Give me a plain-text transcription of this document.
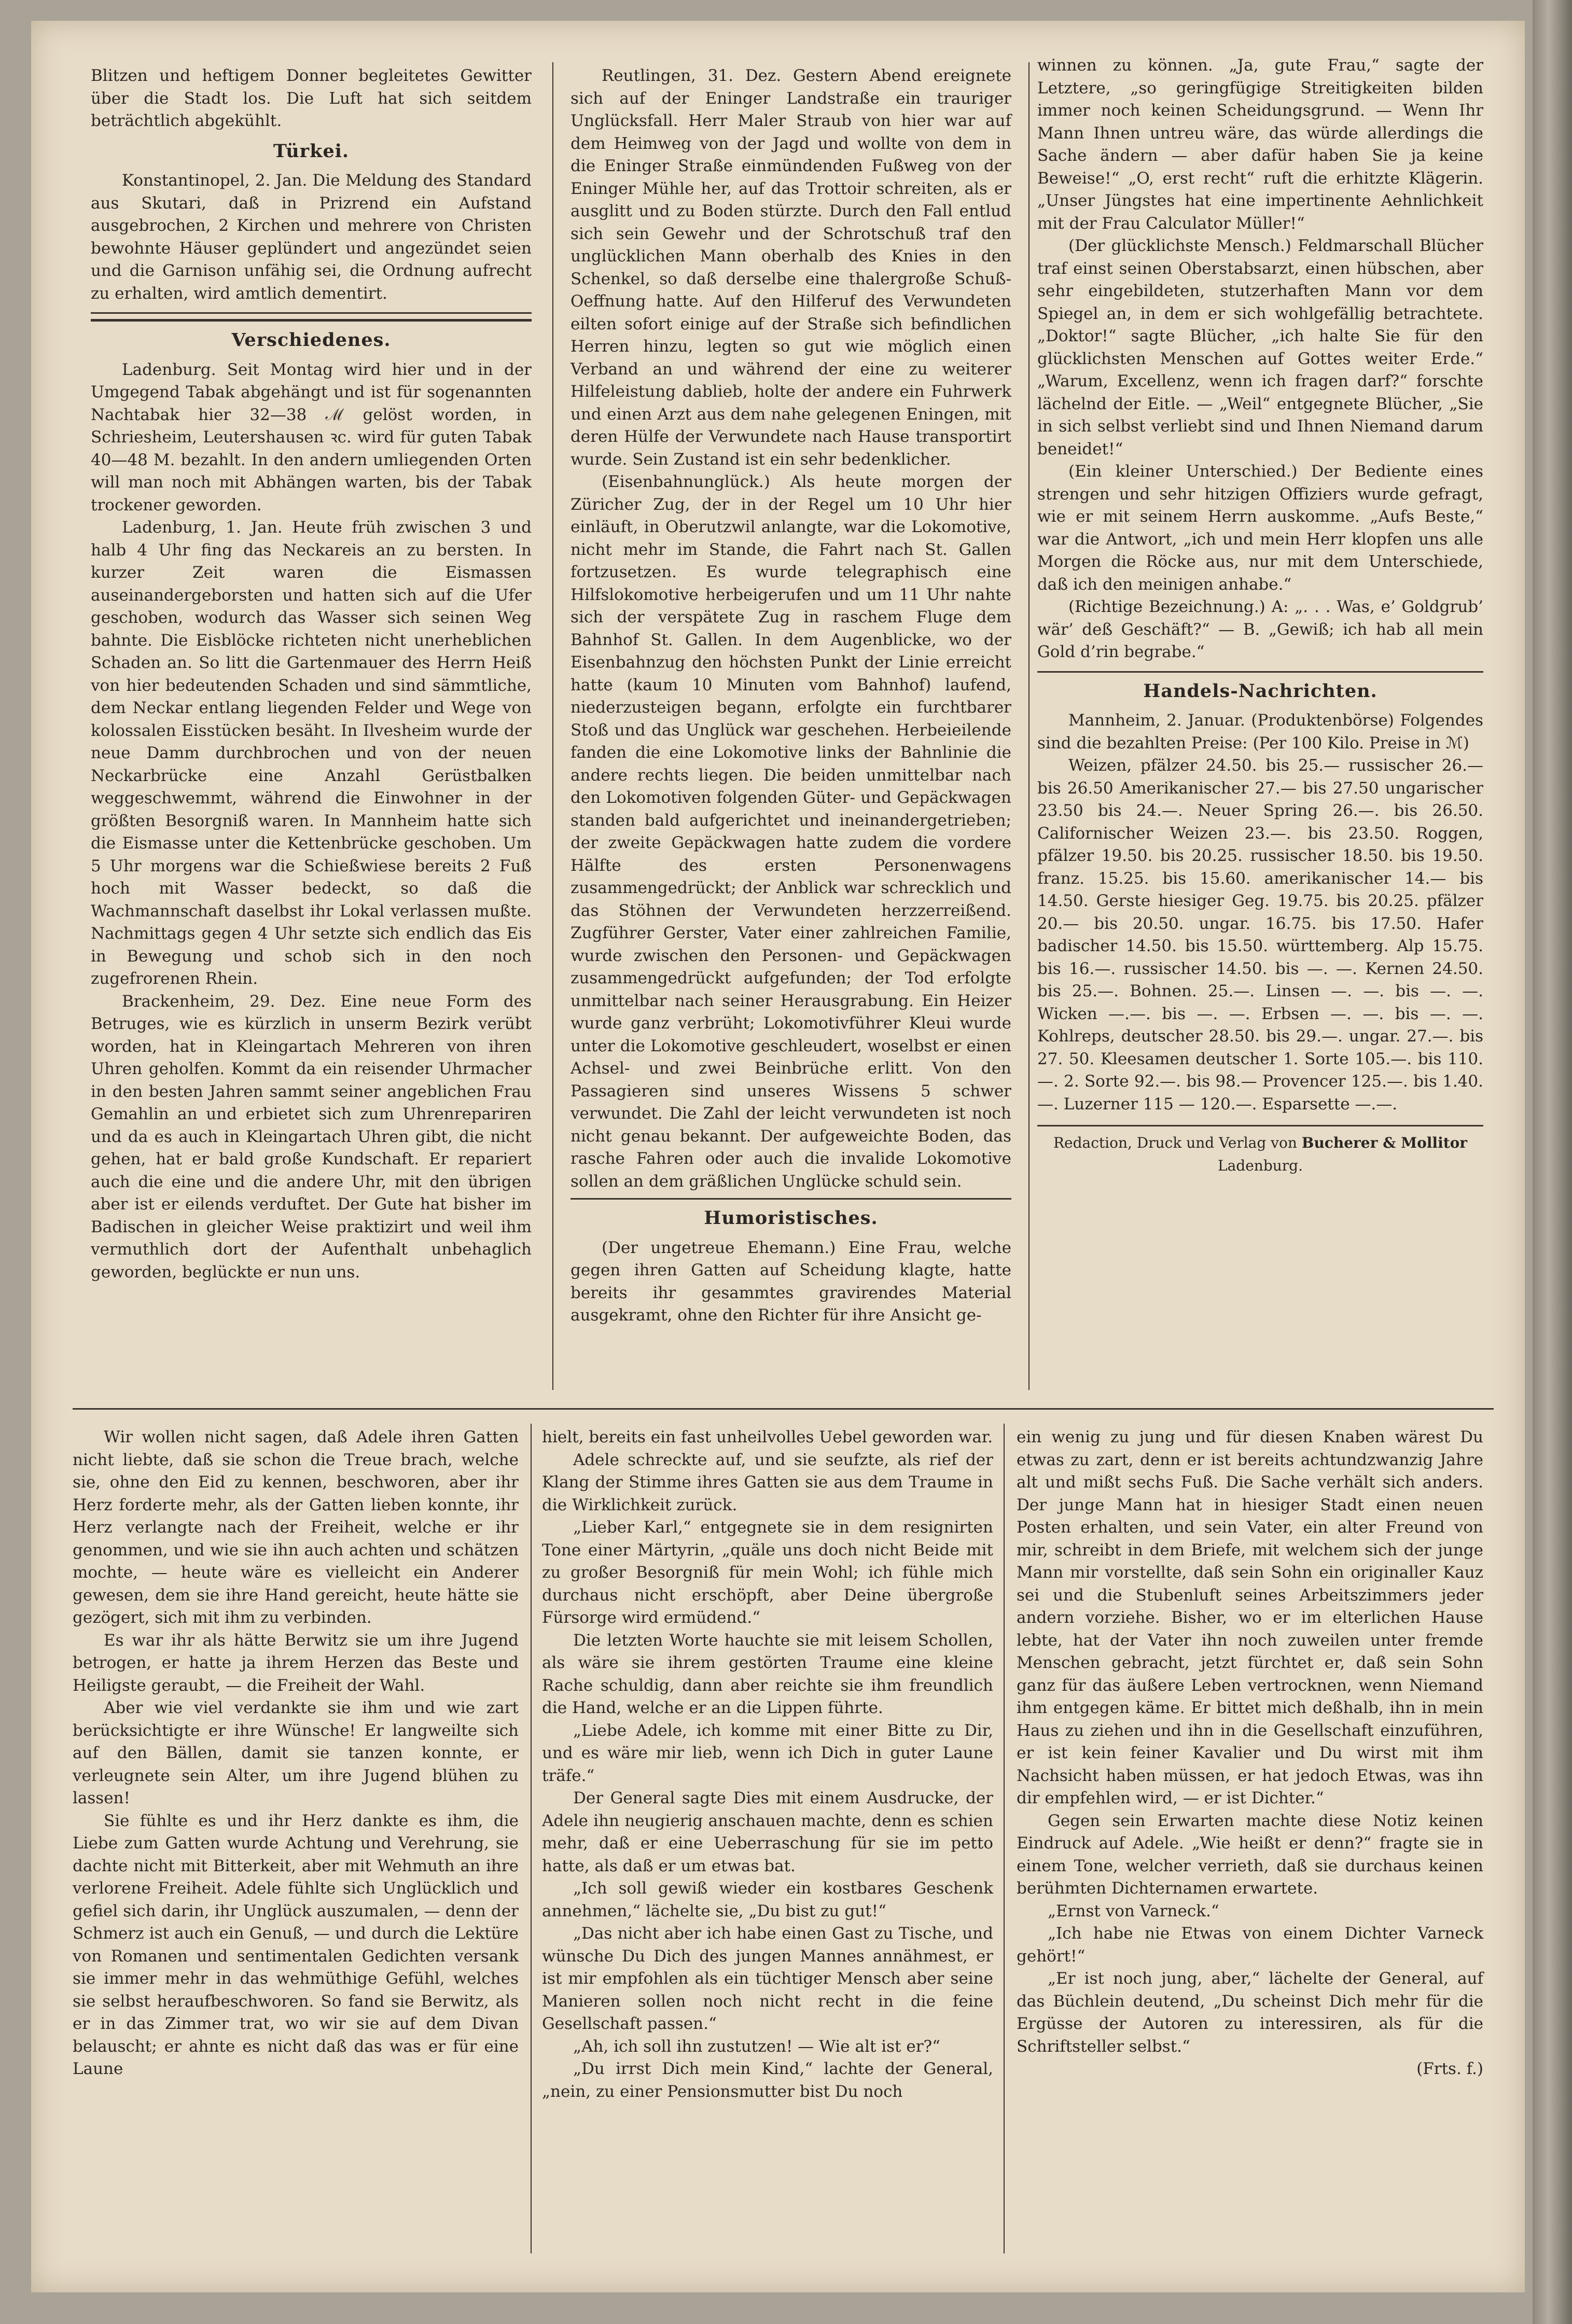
Blitzen und heftigem Donner begleitetes Gewitter über die Stadt los. Die Luft hat sich seitdem beträchtlich abgekühlt.

Türkei.

Konstantinopel, 2. Jan. Die Meldung des Standard aus Skutari, daß in Prizrend ein Aufstand ausgebrochen, 2 Kirchen und mehrere von Christen bewohnte Häuser geplündert und angezündet seien und die Garnison unfähig sei, die Ordnung aufrecht zu erhalten, wird amtlich dementirt.

Verschiedenes.

Ladenburg. Seit Montag wird hier und in der Umgegend Tabak abgehängt und ist für sogenannten Nachtabak hier 32—38 ℳ gelöst worden, in Schriesheim, Leutershausen ꝛc. wird für guten Tabak 40—48 M. bezahlt. In den andern umliegenden Orten will man noch mit Abhängen warten, bis der Tabak trockener geworden.

Ladenburg, 1. Jan. Heute früh zwischen 3 und halb 4 Uhr fing das Neckareis an zu bersten. In kurzer Zeit waren die Eismassen auseinandergeborsten und hatten sich auf die Ufer geschoben, wodurch das Wasser sich seinen Weg bahnte. Die Eisblöcke richteten nicht unerheblichen Schaden an. So litt die Gartenmauer des Herrn Heiß von hier bedeutenden Schaden und sind sämmtliche, dem Neckar entlang liegenden Felder und Wege von kolossalen Eisstücken besäht. In Ilvesheim wurde der neue Damm durchbrochen und von der neuen Neckarbrücke eine Anzahl Gerüstbalken weggeschwemmt, während die Einwohner in der größten Besorgniß waren. In Mannheim hatte sich die Eismasse unter die Kettenbrücke geschoben. Um 5 Uhr morgens war die Schießwiese bereits 2 Fuß hoch mit Wasser bedeckt, so daß die Wachmannschaft daselbst ihr Lokal verlassen mußte. Nachmittags gegen 4 Uhr setzte sich endlich das Eis in Bewegung und schob sich in den noch zugefrorenen Rhein.

Brackenheim, 29. Dez. Eine neue Form des Betruges, wie es kürzlich in unserm Bezirk verübt worden, hat in Kleingartach Mehreren von ihren Uhren geholfen. Kommt da ein reisender Uhrmacher in den besten Jahren sammt seiner angeblichen Frau Gemahlin an und erbietet sich zum Uhrenrepariren und da es auch in Kleingartach Uhren gibt, die nicht gehen, hat er bald große Kundschaft. Er repariert auch die eine und die andere Uhr, mit den übrigen aber ist er eilends verduftet. Der Gute hat bisher im Badischen in gleicher Weise praktizirt und weil ihm vermuthlich dort der Aufenthalt unbehaglich geworden, beglückte er nun uns.

Reutlingen, 31. Dez. Gestern Abend ereignete sich auf der Eninger Landstraße ein trauriger Unglücksfall. Herr Maler Straub von hier war auf dem Heimweg von der Jagd und wollte von dem in die Eninger Straße einmündenden Fußweg von der Eninger Mühle her, auf das Trottoir schreiten, als er ausglitt und zu Boden stürzte. Durch den Fall entlud sich sein Gewehr und der Schrotschuß traf den unglücklichen Mann oberhalb des Knies in den Schenkel, so daß derselbe eine thalergroße Schuß-Oeffnung hatte. Auf den Hilferuf des Verwundeten eilten sofort einige auf der Straße sich befindlichen Herren hinzu, legten so gut wie möglich einen Verband an und während der eine zu weiterer Hilfeleistung dablieb, holte der andere ein Fuhrwerk und einen Arzt aus dem nahe gelegenen Eningen, mit deren Hülfe der Verwundete nach Hause transportirt wurde. Sein Zustand ist ein sehr bedenklicher.

(Eisenbahnunglück.) Als heute morgen der Züricher Zug, der in der Regel um 10 Uhr hier einläuft, in Oberutzwil anlangte, war die Lokomotive, nicht mehr im Stande, die Fahrt nach St. Gallen fortzusetzen. Es wurde telegraphisch eine Hilfslokomotive herbeigerufen und um 11 Uhr nahte sich der verspätete Zug in raschem Fluge dem Bahnhof St. Gallen. In dem Augenblicke, wo der Eisenbahnzug den höchsten Punkt der Linie erreicht hatte (kaum 10 Minuten vom Bahnhof) laufend, niederzusteigen begann, erfolgte ein furchtbarer Stoß und das Unglück war geschehen. Herbeieilende fanden die eine Lokomotive links der Bahnlinie die andere rechts liegen. Die beiden unmittelbar nach den Lokomotiven folgenden Güter- und Gepäckwagen standen bald aufgerichtet und ineinandergetrieben; der zweite Gepäckwagen hatte zudem die vordere Hälfte des ersten Personenwagens zusammengedrückt; der Anblick war schrecklich und das Stöhnen der Verwundeten herzzerreißend. Zugführer Gerster, Vater einer zahlreichen Familie, wurde zwischen den Personen- und Gepäckwagen zusammengedrückt aufgefunden; der Tod erfolgte unmittelbar nach seiner Herausgrabung. Ein Heizer wurde ganz verbrüht; Lokomotivführer Kleui wurde unter die Lokomotive geschleudert, woselbst er einen Achsel- und zwei Beinbrüche erlitt. Von den Passagieren sind unseres Wissens 5 schwer verwundet. Die Zahl der leicht verwundeten ist noch nicht genau bekannt. Der aufgeweichte Boden, das rasche Fahren oder auch die invalide Lokomotive sollen an dem gräßlichen Unglücke schuld sein.

Humoristisches.

(Der ungetreue Ehemann.) Eine Frau, welche gegen ihren Gatten auf Scheidung klagte, hatte bereits ihr gesammtes gravirendes Material ausgekramt, ohne den Richter für ihre Ansicht ge-

winnen zu können. „Ja, gute Frau,“ sagte der Letztere, „so geringfügige Streitigkeiten bilden immer noch keinen Scheidungsgrund. — Wenn Ihr Mann Ihnen untreu wäre, das würde allerdings die Sache ändern — aber dafür haben Sie ja keine Beweise!“ „O, erst recht“ ruft die erhitzte Klägerin. „Unser Jüngstes hat eine impertinente Aehnlichkeit mit der Frau Calculator Müller!“

(Der glücklichste Mensch.) Feldmarschall Blücher traf einst seinen Oberstabsarzt, einen hübschen, aber sehr eingebildeten, stutzerhaften Mann vor dem Spiegel an, in dem er sich wohlgefällig betrachtete. „Doktor!“ sagte Blücher, „ich halte Sie für den glücklichsten Menschen auf Gottes weiter Erde.“ „Warum, Excellenz, wenn ich fragen darf?“ forschte lächelnd der Eitle. — „Weil“ entgegnete Blücher, „Sie in sich selbst verliebt sind und Ihnen Niemand darum beneidet!“

(Ein kleiner Unterschied.) Der Bediente eines strengen und sehr hitzigen Offiziers wurde gefragt, wie er mit seinem Herrn auskomme. „Aufs Beste,“ war die Antwort, „ich und mein Herr klopfen uns alle Morgen die Röcke aus, nur mit dem Unterschiede, daß ich den meinigen anhabe.“

(Richtige Bezeichnung.) A: „. . . Was, e’ Goldgrub’ wär’ deß Geschäft?“ — B. „Gewiß; ich hab all mein Gold d’rin begrabe.“

Handels-Nachrichten.

Mannheim, 2. Januar. (Produktenbörse) Folgendes sind die bezahlten Preise: (Per 100 Kilo. Preise in ℳ)

Weizen, pfälzer 24.50. bis 25.— russischer 26.— bis 26.50 Amerikanischer 27.— bis 27.50 ungarischer 23.50 bis 24.—. Neuer Spring 26.—. bis 26.50. Californischer Weizen 23.—. bis 23.50. Roggen, pfälzer 19.50. bis 20.25. russischer 18.50. bis 19.50. franz. 15.25. bis 15.60. amerikanischer 14.— bis 14.50. Gerste hiesiger Geg. 19.75. bis 20.25. pfälzer 20.— bis 20.50. ungar. 16.75. bis 17.50. Hafer badischer 14.50. bis 15.50. württemberg. Alp 15.75. bis 16.—. russischer 14.50. bis —. —. Kernen 24.50. bis 25.—. Bohnen. 25.—. Linsen —. —. bis —. —. Wicken —.—. bis —. —. Erbsen —. —. bis —. —. Kohlreps, deutscher 28.50. bis 29.—. ungar. 27.—. bis 27. 50. Kleesamen deutscher 1. Sorte 105.—. bis 110.—. 2. Sorte 92.—. bis 98.— Provencer 125.—. bis 1.40.—. Luzerner 115 — 120.—. Esparsette —.—.

Redaction, Druck und Verlag von Bucherer & Mollitor
Ladenburg.

Wir wollen nicht sagen, daß Adele ihren Gatten nicht liebte, daß sie schon die Treue brach, welche sie, ohne den Eid zu kennen, beschworen, aber ihr Herz forderte mehr, als der Gatten lieben konnte, ihr Herz verlangte nach der Freiheit, welche er ihr genommen, und wie sie ihn auch achten und schätzen mochte, — heute wäre es vielleicht ein Anderer gewesen, dem sie ihre Hand gereicht, heute hätte sie gezögert, sich mit ihm zu verbinden.

Es war ihr als hätte Berwitz sie um ihre Jugend betrogen, er hatte ja ihrem Herzen das Beste und Heiligste geraubt, — die Freiheit der Wahl.

Aber wie viel verdankte sie ihm und wie zart berücksichtigte er ihre Wünsche! Er langweilte sich auf den Bällen, damit sie tanzen konnte, er verleugnete sein Alter, um ihre Jugend blühen zu lassen!

Sie fühlte es und ihr Herz dankte es ihm, die Liebe zum Gatten wurde Achtung und Verehrung, sie dachte nicht mit Bitterkeit, aber mit Wehmuth an ihre verlorene Freiheit. Adele fühlte sich Unglücklich und gefiel sich darin, ihr Unglück auszumalen, — denn der Schmerz ist auch ein Genuß, — und durch die Lektüre von Romanen und sentimentalen Gedichten versank sie immer mehr in das wehmüthige Gefühl, welches sie selbst heraufbeschworen. So fand sie Berwitz, als er in das Zimmer trat, wo wir sie auf dem Divan belauscht; er ahnte es nicht daß das was er für eine Laune

hielt, bereits ein fast unheilvolles Uebel geworden war.

Adele schreckte auf, und sie seufzte, als rief der Klang der Stimme ihres Gatten sie aus dem Traume in die Wirklichkeit zurück.

„Lieber Karl,“ entgegnete sie in dem resignirten Tone einer Märtyrin, „quäle uns doch nicht Beide mit zu großer Besorgniß für mein Wohl; ich fühle mich durchaus nicht erschöpft, aber Deine übergroße Fürsorge wird ermüdend.“

Die letzten Worte hauchte sie mit leisem Schollen, als wäre sie ihrem gestörten Traume eine kleine Rache schuldig, dann aber reichte sie ihm freundlich die Hand, welche er an die Lippen führte.

„Liebe Adele, ich komme mit einer Bitte zu Dir, und es wäre mir lieb, wenn ich Dich in guter Laune träfe.“

Der General sagte Dies mit einem Ausdrucke, der Adele ihn neugierig anschauen machte, denn es schien mehr, daß er eine Ueberraschung für sie im petto hatte, als daß er um etwas bat.

„Ich soll gewiß wieder ein kostbares Geschenk annehmen,“ lächelte sie, „Du bist zu gut!“

„Das nicht aber ich habe einen Gast zu Tische, und wünsche Du Dich des jungen Mannes annähmest, er ist mir empfohlen als ein tüchtiger Mensch aber seine Manieren sollen noch nicht recht in die feine Gesellschaft passen.“

„Ah, ich soll ihn zustutzen! — Wie alt ist er?“

„Du irrst Dich mein Kind,“ lachte der General, „nein, zu einer Pensionsmutter bist Du noch

ein wenig zu jung und für diesen Knaben wärest Du etwas zu zart, denn er ist bereits achtundzwanzig Jahre alt und mißt sechs Fuß. Die Sache verhält sich anders. Der junge Mann hat in hiesiger Stadt einen neuen Posten erhalten, und sein Vater, ein alter Freund von mir, schreibt in dem Briefe, mit welchem sich der junge Mann mir vorstellte, daß sein Sohn ein originaller Kauz sei und die Stubenluft seines Arbeitszimmers jeder andern vorziehe. Bisher, wo er im elterlichen Hause lebte, hat der Vater ihn noch zuweilen unter fremde Menschen gebracht, jetzt fürchtet er, daß sein Sohn ganz für das äußere Leben vertrocknen, wenn Niemand ihm entgegen käme. Er bittet mich deßhalb, ihn in mein Haus zu ziehen und ihn in die Gesellschaft einzuführen, er ist kein feiner Kavalier und Du wirst mit ihm Nachsicht haben müssen, er hat jedoch Etwas, was ihn dir empfehlen wird, — er ist Dichter.“

Gegen sein Erwarten machte diese Notiz keinen Eindruck auf Adele. „Wie heißt er denn?“ fragte sie in einem Tone, welcher verrieth, daß sie durchaus keinen berühmten Dichternamen erwartete.

„Ernst von Varneck.“

„Ich habe nie Etwas von einem Dichter Varneck gehört!“

„Er ist noch jung, aber,“ lächelte der General, auf das Büchlein deutend, „Du scheinst Dich mehr für die Ergüsse der Autoren zu interessiren, als für die Schriftsteller selbst.“

(Frts. f.)
